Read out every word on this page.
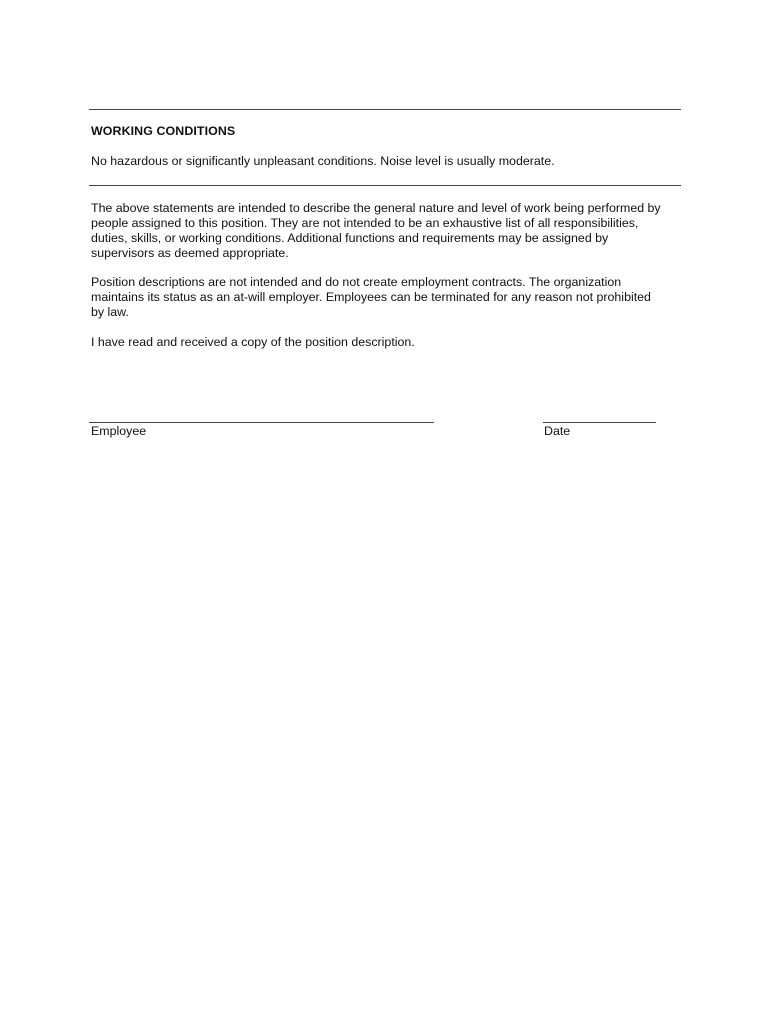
WORKING CONDITIONS
No hazardous or significantly unpleasant conditions. Noise level is usually moderate.

The above statements are intended to describe the general nature and level of work being performed by
people assigned to this position. They are not intended to be an exhaustive list of all responsibilities,
duties, skills, or working conditions. Additional functions and requirements may be assigned by
supervisors as deemed appropriate.

Position descriptions are not intended and do not create employment contracts. The organization
maintains its status as an at-will employer. Employees can be terminated for any reason not prohibited
by law.

I have read and received a copy of the position description.

Employee	Date
